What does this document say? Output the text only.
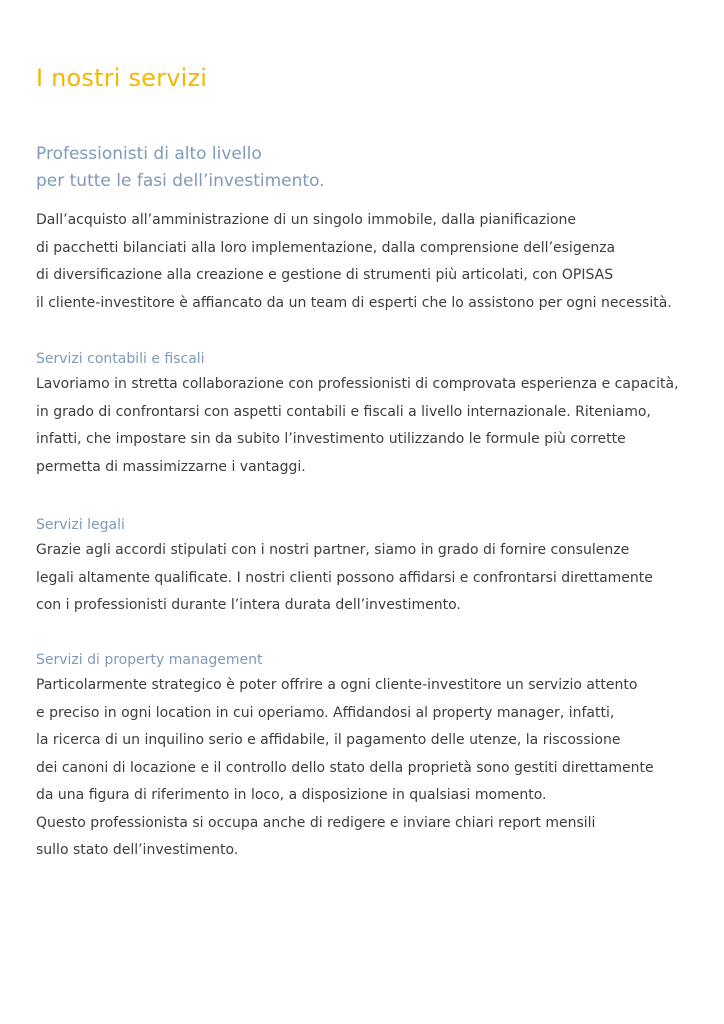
I nostri servizi
Professionisti di alto livello
per tutte le fasi dell’investimento.
Dall’acquisto all’amministrazione di un singolo immobile, dalla pianificazione
di pacchetti bilanciati alla loro implementazione, dalla comprensione dell’esigenza
di diversificazione alla creazione e gestione di strumenti più articolati, con OPISAS
il cliente-investitore è affiancato da un team di esperti che lo assistono per ogni necessità.
Servizi contabili e fiscali
Lavoriamo in stretta collaborazione con professionisti di comprovata esperienza e capacità,
in grado di confrontarsi con aspetti contabili e fiscali a livello internazionale. Riteniamo,
infatti, che impostare sin da subito l’investimento utilizzando le formule più corrette
permetta di massimizzarne i vantaggi.
Servizi legali
Grazie agli accordi stipulati con i nostri partner, siamo in grado di fornire consulenze
legali altamente qualificate. I nostri clienti possono affidarsi e confrontarsi direttamente
con i professionisti durante l’intera durata dell’investimento.
Servizi di property management
Particolarmente strategico è poter offrire a ogni cliente-investitore un servizio attento
e preciso in ogni location in cui operiamo. Affidandosi al property manager, infatti,
la ricerca di un inquilino serio e affidabile, il pagamento delle utenze, la riscossione
dei canoni di locazione e il controllo dello stato della proprietà sono gestiti direttamente
da una figura di riferimento in loco, a disposizione in qualsiasi momento.
Questo professionista si occupa anche di redigere e inviare chiari report mensili
sullo stato dell’investimento.
